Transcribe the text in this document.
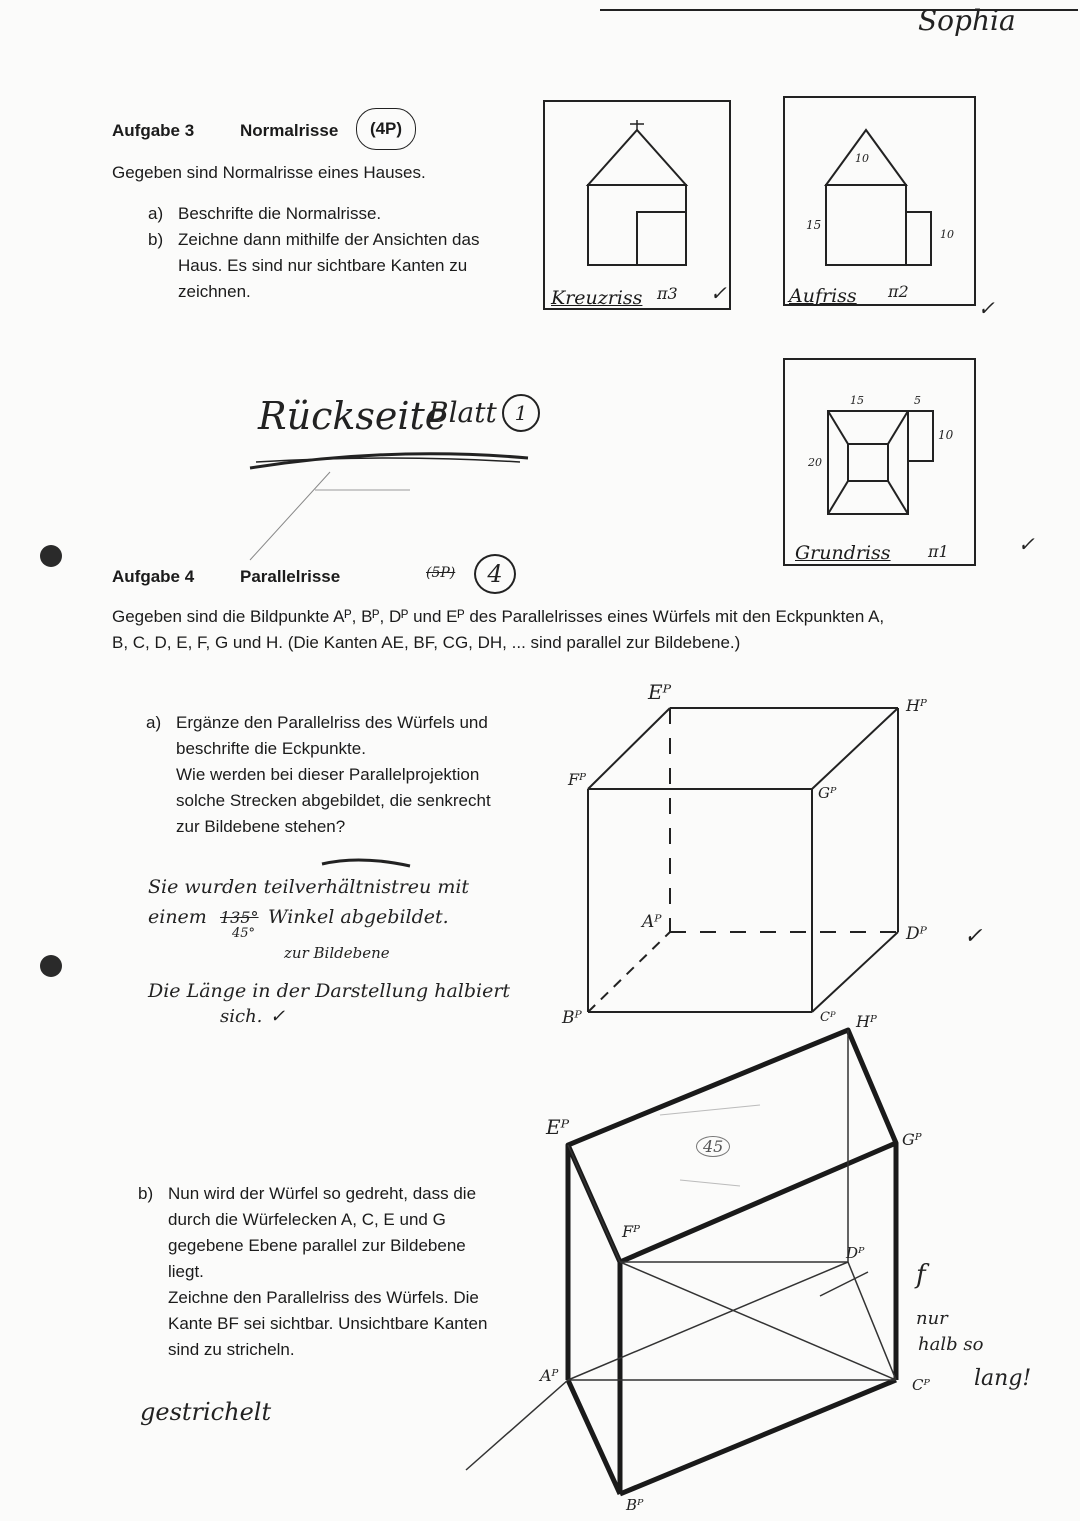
Sophia
Aufgabe 3	Normalrisse (4P)
Gegeben sind Normalrisse eines Hauses.
a) Beschrifte die Normalrisse.
b) Zeichne dann mithilfe der Ansichten das
Haus. Es sind nur sichtbare Kanten zu
zeichnen.	Kreuzriss π3 ✓
10
15
10
Aufriss π2
✓
15	5
20
10
Grundriss π1	✓
Rückseite
Blatt 1
Aufgabe 4	Parallelrisse	(5P) 4
Gegeben sind die Bildpunkte Aᴾ, Bᴾ, Dᴾ und Eᴾ des Parallelrisses eines Würfels mit den Eckpunkten A,
B, C, D, E, F, G und H. (Die Kanten AE, BF, CG, DH, ... sind parallel zur Bildebene.)
a) Ergänze den Parallelriss des Würfels und
beschrifte die Eckpunkte.
Wie werden bei dieser Parallelprojektion
solche Strecken abgebildet, die senkrecht
zur Bildebene stehen?
Sie wurden teilverhältnistreu mit
einem 135° Winkel abgebildet.
45°
zur Bildebene
Die Länge in der Darstellung halbiert
sich. ✓
b) Nun wird der Würfel so gedreht, dass die
durch die Würfelecken A, C, E und G
gegebene Ebene parallel zur Bildebene
liegt.
Zeichne den Parallelriss des Würfels. Die
Kante BF sei sichtbar. Unsichtbare Kanten
sind zu stricheln.
gestrichelt
Eᴾ
Hᴾ
Fᴾ
Gᴾ
Aᴾ
Dᴾ
Bᴾ	Cᴾ
✓
Eᴾ
Gᴾ
Fᴾ
Bᴾ
Aᴾ	Cᴾ
Hᴾ
Dᴾ
45
f
nur
halb so
lang!
